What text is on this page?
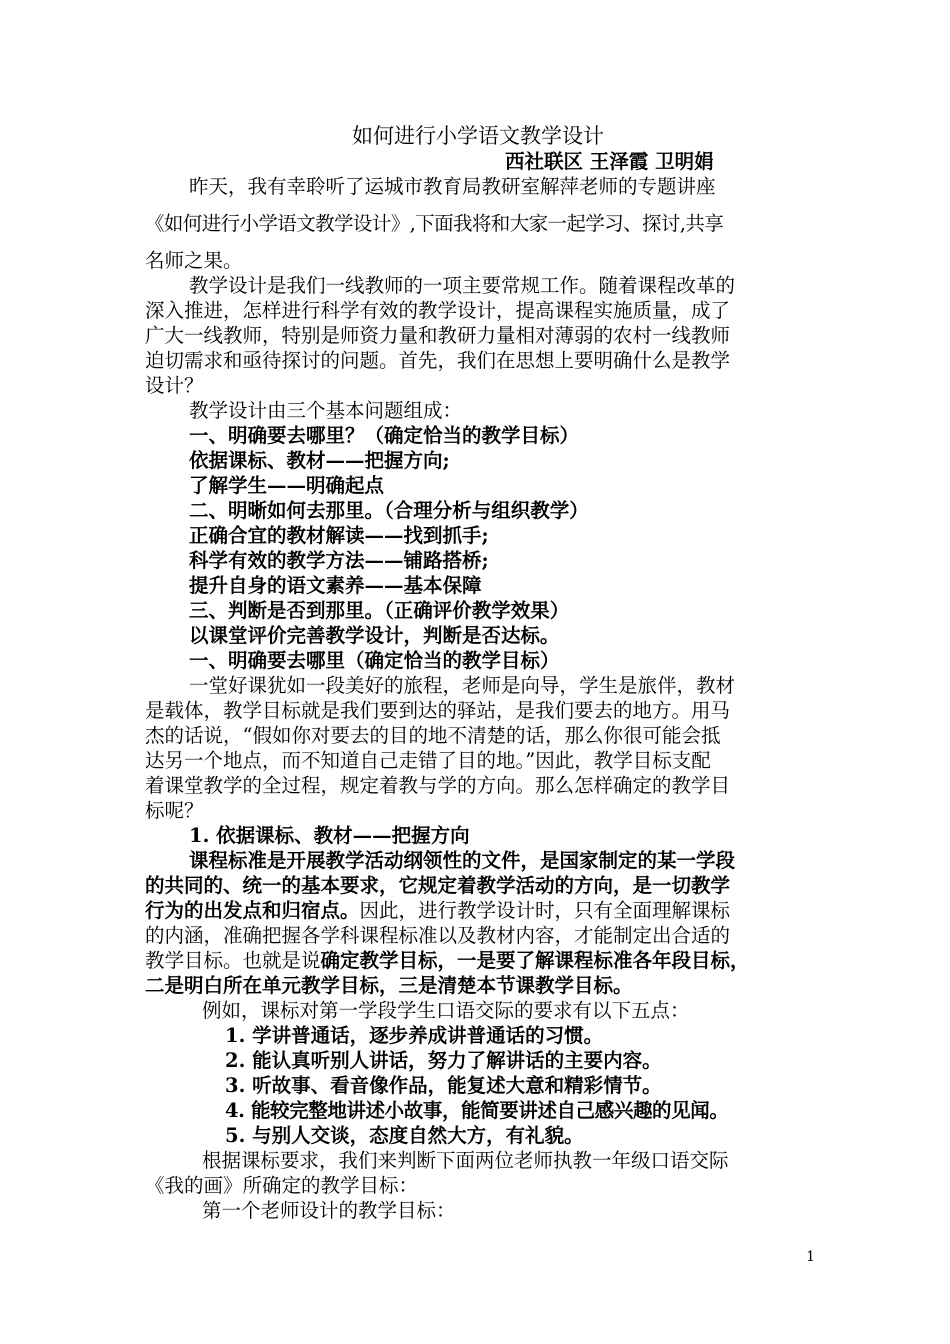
如何进行小学语文教学设计
西社联区 王泽霞 卫明娟
昨天，我有幸聆听了运城市教育局教研室解萍老师的专题讲座
《如何进行小学语文教学设计》,下面我将和大家一起学习、探讨,共享
名师之果。
教学设计是我们一线教师的一项主要常规工作。随着课程改革的
深入推进，怎样进行科学有效的教学设计，提高课程实施质量，成了
广大一线教师，特别是师资力量和教研力量相对薄弱的农村一线教师
迫切需求和亟待探讨的问题。首先，我们在思想上要明确什么是教学
设计？
教学设计由三个基本问题组成：
一、明确要去哪里？（确定恰当的教学目标）
依据课标、教材——把握方向;
了解学生——明确起点
二、明晰如何去那里。（合理分析与组织教学）
正确合宜的教材解读——找到抓手;
科学有效的教学方法——铺路搭桥;
提升自身的语文素养——基本保障
三、判断是否到那里。（正确评价教学效果）
以课堂评价完善教学设计，判断是否达标。
一、明确要去哪里（确定恰当的教学目标）
一堂好课犹如一段美好的旅程，老师是向导，学生是旅伴，教材
是载体，教学目标就是我们要到达的驿站，是我们要去的地方。用马
杰的话说，“假如你对要去的目的地不清楚的话，那么你很可能会抵
达另一个地点，而不知道自己走错了目的地。”因此，教学目标支配
着课堂教学的全过程，规定着教与学的方向。那么怎样确定的教学目
标呢？
1. 依据课标、教材——把握方向
课程标准是开展教学活动纲领性的文件，是国家制定的某一学段
的共同的、统一的基本要求，它规定着教学活动的方向，是一切教学
行为的出发点和归宿点。因此，进行教学设计时，只有全面理解课标
的内涵，准确把握各学科课程标准以及教材内容，才能制定出合适的
教学目标。也就是说确定教学目标，一是要了解课程标准各年段目标，
二是明白所在单元教学目标，三是清楚本节课教学目标。
例如，课标对第一学段学生口语交际的要求有以下五点：
1. 学讲普通话，逐步养成讲普通话的习惯。
2. 能认真听别人讲话，努力了解讲话的主要内容。
3. 听故事、看音像作品，能复述大意和精彩情节。
4. 能较完整地讲述小故事，能简要讲述自己感兴趣的见闻。
5. 与别人交谈，态度自然大方，有礼貌。
根据课标要求，我们来判断下面两位老师执教一年级口语交际
《我的画》所确定的教学目标：
第一个老师设计的教学目标：
1
